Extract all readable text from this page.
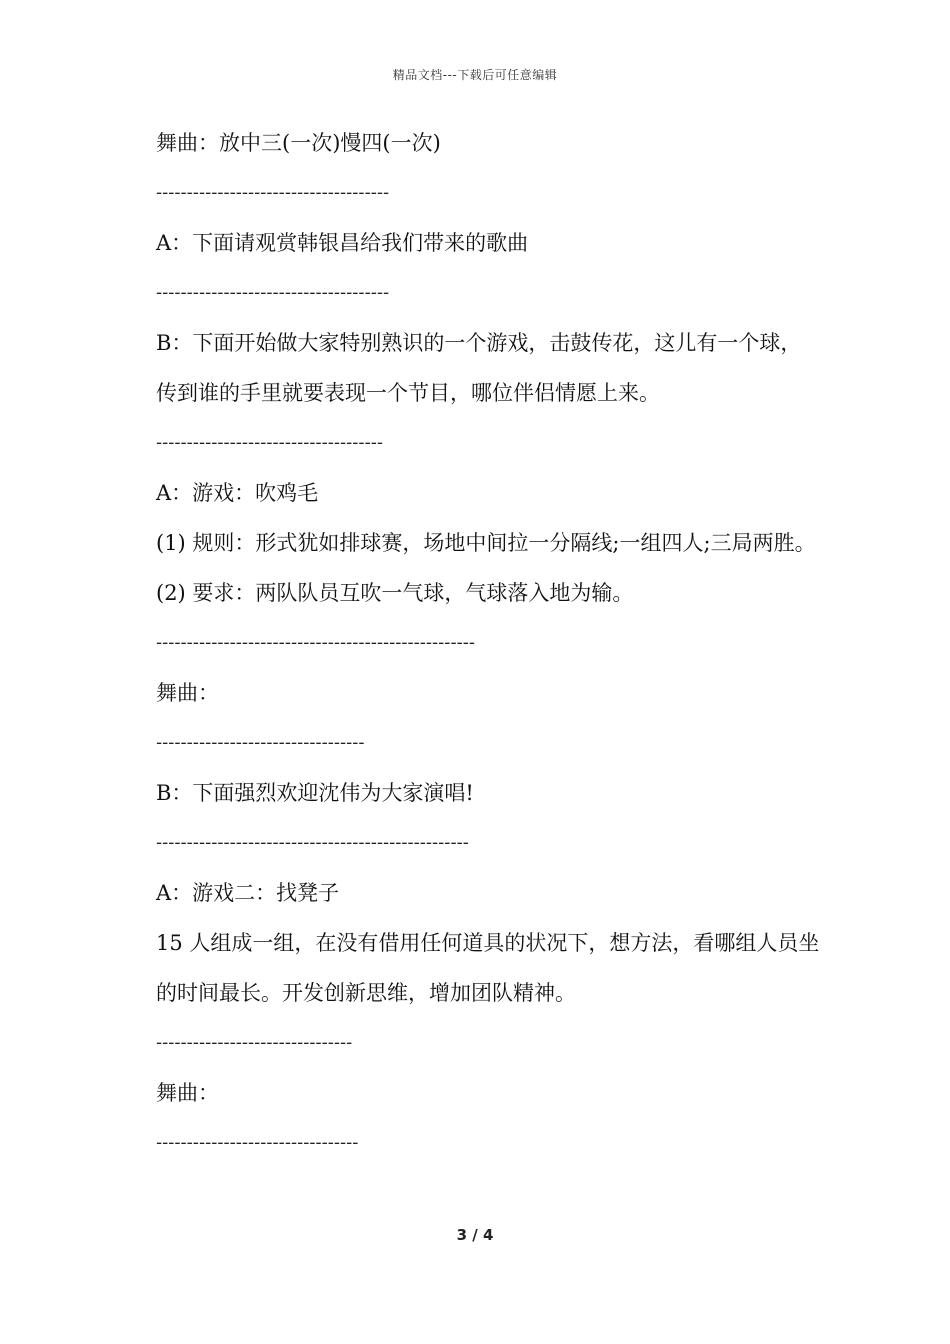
精品文档---下载后可任意编辑

舞曲：放中三(一次)慢四(一次)

--------------------------------------

A：下面请观赏韩银昌给我们带来的歌曲

--------------------------------------

B：下面开始做大家特别熟识的一个游戏，击鼓传花，这儿有一个球，传到谁的手里就要表现一个节目，哪位伴侣情愿上来。

-------------------------------------

A：游戏：吹鸡毛

(1) 规则：形式犹如排球赛，场地中间拉一分隔线;一组四人;三局两胜。

(2) 要求：两队队员互吹一气球，气球落入地为输。

----------------------------------------------------

舞曲：

----------------------------------

B：下面强烈欢迎沈伟为大家演唱!

---------------------------------------------------

A：游戏二：找凳子

15 人组成一组，在没有借用任何道具的状况下，想方法，看哪组人员坐的时间最长。开发创新思维，增加团队精神。

--------------------------------

舞曲：

---------------------------------

3 / 4
